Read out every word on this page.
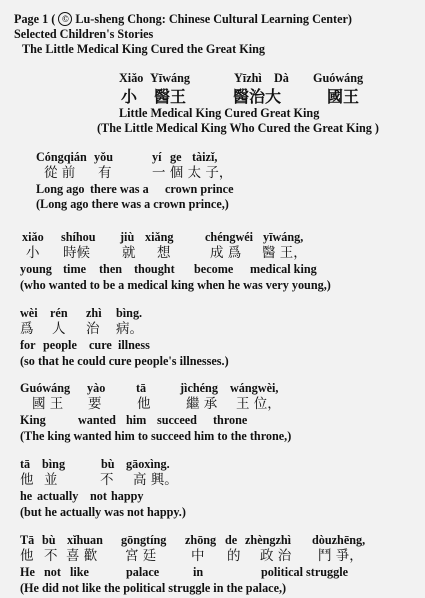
Page 1 ( © Lu-sheng Chong: Chinese Cultural Learning Center)
Selected Children's Stories
The Little Medical King Cured the Great King
Xiǎo Yīwáng	Yīzhì Dà Guówáng
小 醫王	醫治大	國王
Little Medical King Cured Great King
(The Little Medical King Who Cured the Great King )
Cóngqián yǒu	yí ge tàizǐ,
從 前 有	一 個 太 子，
Long ago there was a crown prince
(Long ago there was a crown prince,)
xiǎo shíhou jiù xiǎng	chéngwéi yīwáng,
小 時候 就 想	成 爲 醫 王，
young time then thought become medical king
(who wanted to be a medical king when he was very young,)
wèi rén zhì bìng.
爲 人 治 病。
for people cure illness
(so that he could cure people's illnesses.)
Guówáng yào	tā	jìchéng wángwèi,
國 王 要	他	繼 承 王 位，
King	wanted him succeed throne
(The king wanted him to succeed him to the throne,)
tā bìng	bù gāoxìng.
他 並	不 高 興。
he actually not happy
(but he actually was not happy.)
Tā bù xǐhuan gōngtíng zhōng de zhèngzhì dòuzhēng,
他 不 喜 歡 宮 廷	中 的 政 治 鬥 爭，
He not like	palace	in	political struggle
(He did not like the political struggle in the palace,)
